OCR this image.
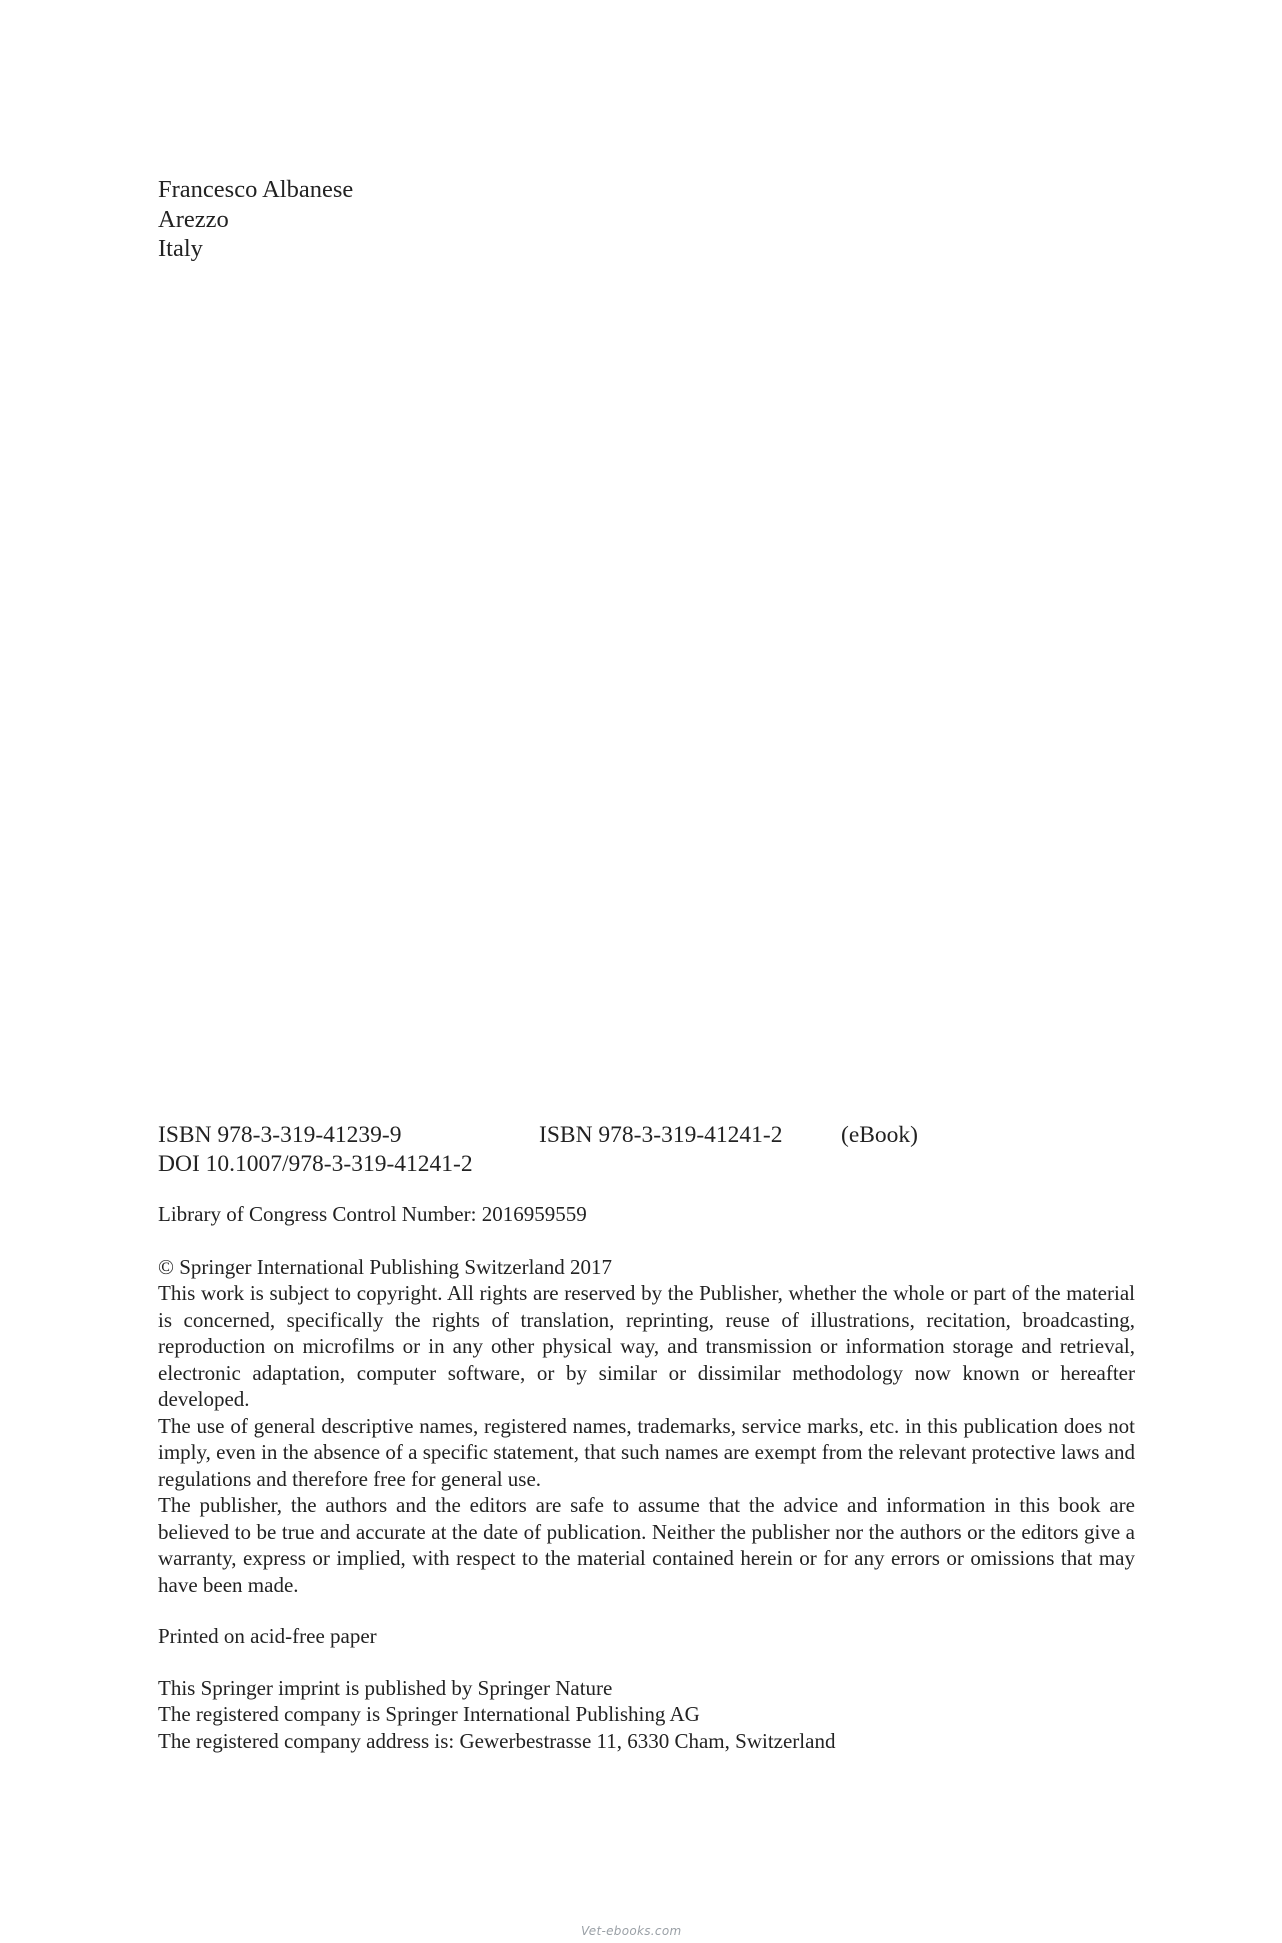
Francesco Albanese
Arezzo
Italy
ISBN 978-3-319-41239-9	ISBN 978-3-319-41241-2	(eBook)
DOI 10.1007/978-3-319-41241-2
Library of Congress Control Number: 2016959559
© Springer International Publishing Switzerland 2017
This work is subject to copyright. All rights are reserved by the Publisher, whether the whole or part of the material is concerned, specifically the rights of translation, reprinting, reuse of illustrations, recitation, broadcasting, reproduction on microfilms or in any other physical way, and transmission or information storage and retrieval, electronic adaptation, computer software, or by similar or dissimilar methodology now known or hereafter developed.
The use of general descriptive names, registered names, trademarks, service marks, etc. in this publication does not imply, even in the absence of a specific statement, that such names are exempt from the relevant protective laws and regulations and therefore free for general use.
The publisher, the authors and the editors are safe to assume that the advice and information in this book are believed to be true and accurate at the date of publication. Neither the publisher nor the authors or the editors give a warranty, express or implied, with respect to the material contained herein or for any errors or omissions that may have been made.
Printed on acid-free paper
This Springer imprint is published by Springer Nature
The registered company is Springer International Publishing AG
The registered company address is: Gewerbestrasse 11, 6330 Cham, Switzerland
Vet-ebooks.com
